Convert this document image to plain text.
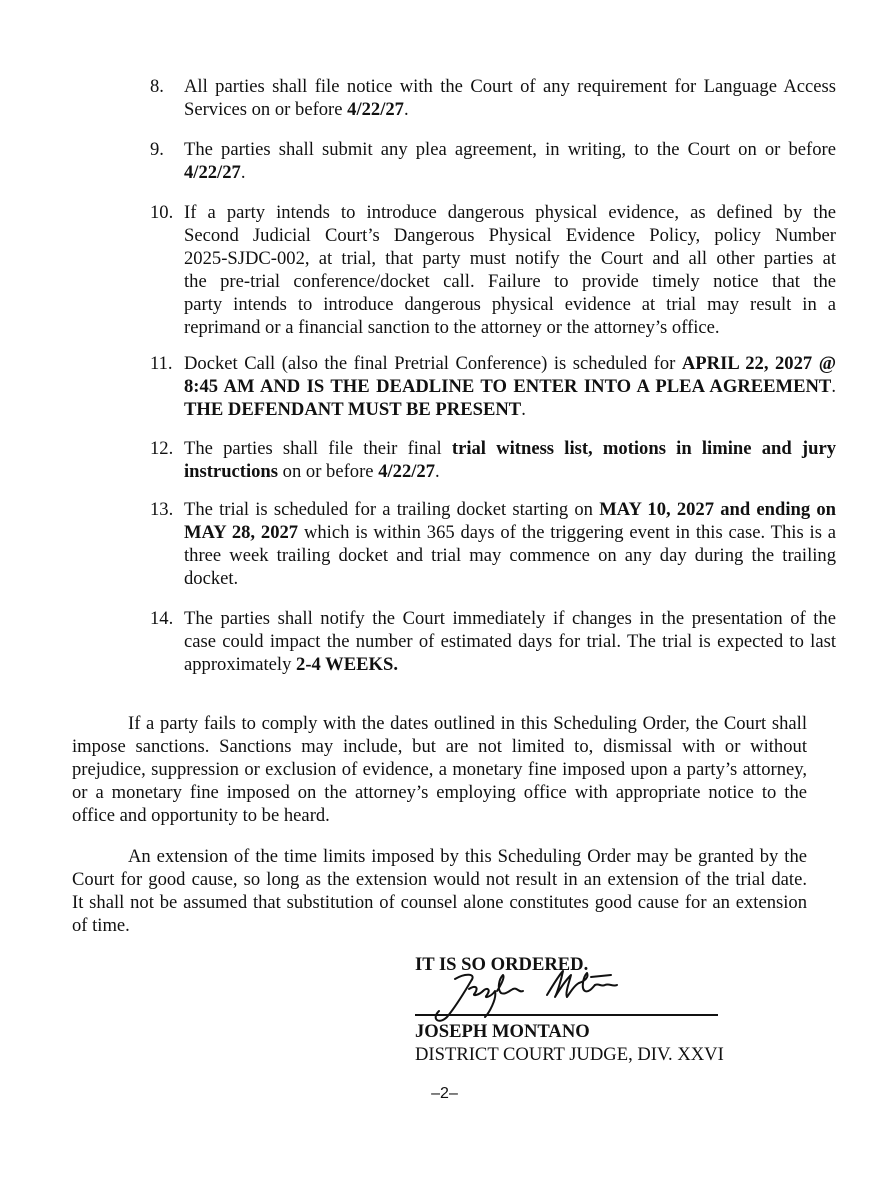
8. All parties shall file notice with the Court of any requirement for Language Access
Services on or before 4/22/27.
9. The parties shall submit any plea agreement, in writing, to the Court on or before
4/22/27.
10. If a party intends to introduce dangerous physical evidence, as defined by the
Second Judicial Court’s Dangerous Physical Evidence Policy, policy Number
2025-SJDC-002, at trial, that party must notify the Court and all other parties at
the pre-trial conference/docket call. Failure to provide timely notice that the
party intends to introduce dangerous physical evidence at trial may result in a
reprimand or a financial sanction to the attorney or the attorney’s office.
11. Docket Call (also the final Pretrial Conference) is scheduled for APRIL 22, 2027 @
8:45 AM AND IS THE DEADLINE TO ENTER INTO A PLEA AGREEMENT.
THE DEFENDANT MUST BE PRESENT.
12. The parties shall file their final trial witness list, motions in limine and jury
instructions on or before 4/22/27.
13. The trial is scheduled for a trailing docket starting on MAY 10, 2027 and ending on
MAY 28, 2027 which is within 365 days of the triggering event in this case. This is a
three week trailing docket and trial may commence on any day during the trailing
docket.
14. The parties shall notify the Court immediately if changes in the presentation of the
case could impact the number of estimated days for trial. The trial is expected to last
approximately 2-4 WEEKS.
If a party fails to comply with the dates outlined in this Scheduling Order, the Court shall
impose sanctions. Sanctions may include, but are not limited to, dismissal with or without
prejudice, suppression or exclusion of evidence, a monetary fine imposed upon a party’s attorney,
or a monetary fine imposed on the attorney’s employing office with appropriate notice to the
office and opportunity to be heard.
An extension of the time limits imposed by this Scheduling Order may be granted by the
Court for good cause, so long as the extension would not result in an extension of the trial date.
It shall not be assumed that substitution of counsel alone constitutes good cause for an extension
of time.
IT IS SO ORDERED.
JOSEPH MONTANO
DISTRICT COURT JUDGE, DIV. XXVI
–2–
